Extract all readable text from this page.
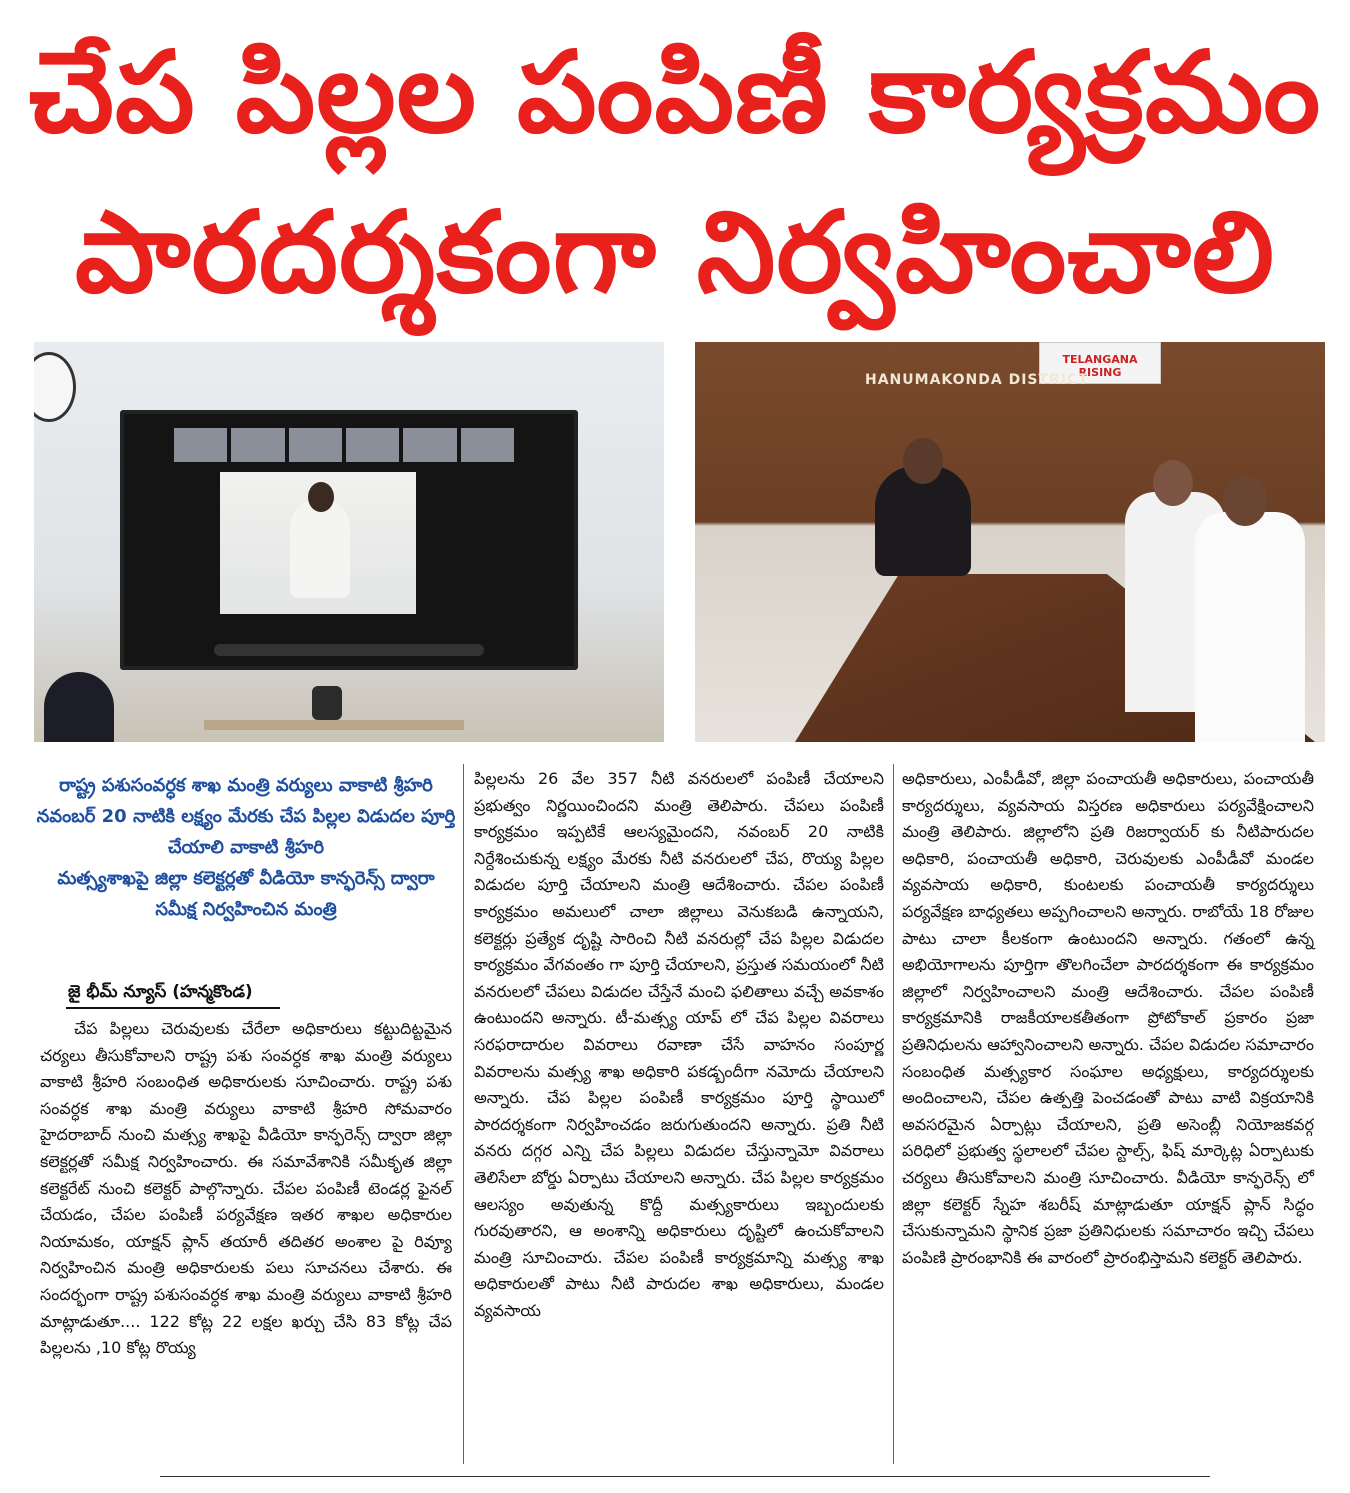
చేప పిల్లల పంపిణీ కార్యక్రమం
పారదర్శకంగా నిర్వహించాలి
TELANGANA RISING
HANUMAKONDA DISTRICT
రాష్ట్ర పశుసంవర్ధక శాఖ మంత్రి వర్యులు వాకాటి శ్రీహరి
నవంబర్ 20 నాటికి లక్ష్యం మేరకు చేప పిల్లల విడుదల పూర్తి చేయాలి వాకాటి శ్రీహరి
మత్స్యశాఖపై జిల్లా కలెక్టర్లతో వీడియో కాన్ఫరెన్స్ ద్వారా సమీక్ష నిర్వహించిన మంత్రి
జై భీమ్ న్యూస్ (హన్మకొండ)

చేప పిల్లలు చెరువులకు చేరేలా అధికారులు కట్టుదిట్టమైన చర్యలు తీసుకోవాలని రాష్ట్ర పశు సంవర్ధక శాఖ మంత్రి వర్యులు వాకాటి శ్రీహరి సంబంధిత అధికారులకు సూచించారు. రాష్ట్ర పశు సంవర్ధక శాఖ మంత్రి వర్యులు వాకాటి శ్రీహరి సోమవారం హైదరాబాద్ నుంచి మత్స్య శాఖపై వీడియో కాన్ఫరెన్స్ ద్వారా జిల్లా కలెక్టర్లతో సమీక్ష నిర్వహించారు. ఈ సమావేశానికి సమీకృత జిల్లా కలెక్టరేట్ నుంచి కలెక్టర్ పాల్గొన్నారు. చేపల పంపిణీ టెండర్ల ఫైనల్ చేయడం, చేపల పంపిణీ పర్యవేక్షణ ఇతర శాఖల అధికారుల నియామకం, యాక్షన్ ప్లాన్ తయారీ తదితర అంశాల పై రివ్యూ నిర్వహించిన మంత్రి అధికారులకు పలు సూచనలు చేశారు. ఈ సందర్భంగా రాష్ట్ర పశుసంవర్ధక శాఖ మంత్రి వర్యులు వాకాటి శ్రీహరి మాట్లాడుతూ.... 122 కోట్ల 22 లక్షల ఖర్చు చేసి 83 కోట్ల చేప పిల్లలను ,10 కోట్ల రొయ్య

పిల్లలను 26 వేల 357 నీటి వనరులలో పంపిణీ చేయాలని ప్రభుత్వం నిర్ణయించిందని మంత్రి తెలిపారు. చేపలు పంపిణీ కార్యక్రమం ఇప్పటికే ఆలస్యమైందని, నవంబర్ 20 నాటికి నిర్దేశించుకున్న లక్ష్యం మేరకు నీటి వనరులలో చేప, రొయ్య పిల్లల విడుదల పూర్తి చేయాలని మంత్రి ఆదేశించారు. చేపల పంపిణీ కార్యక్రమం అమలులో చాలా జిల్లాలు వెనుకబడి ఉన్నాయని, కలెక్టర్లు ప్రత్యేక దృష్టి సారించి నీటి వనరుల్లో చేప పిల్లల విడుదల కార్యక్రమం వేగవంతం గా పూర్తి చేయాలని, ప్రస్తుత సమయంలో నీటి వనరులలో చేపలు విడుదల చేస్తేనే మంచి ఫలితాలు వచ్చే అవకాశం ఉంటుందని అన్నారు. టీ-మత్స్య యాప్ లో చేప పిల్లల వివరాలు సరఫరాదారుల వివరాలు రవాణా చేసే వాహనం సంపూర్ణ వివరాలను మత్స్య శాఖ అధికారి పకడ్బందీగా నమోదు చేయాలని అన్నారు. చేప పిల్లల పంపిణీ కార్యక్రమం పూర్తి స్థాయిలో పారదర్శకంగా నిర్వహించడం జరుగుతుందని అన్నారు. ప్రతి నీటి వనరు దగ్గర ఎన్ని చేప పిల్లలు విడుదల చేస్తున్నామో వివరాలు తెలిసేలా బోర్డు ఏర్పాటు చేయాలని అన్నారు. చేప పిల్లల కార్యక్రమం ఆలస్యం అవుతున్న కొద్దీ మత్స్యకారులు ఇబ్బందులకు గురవుతారని, ఆ అంశాన్ని అధికారులు దృష్టిలో ఉంచుకోవాలని మంత్రి సూచించారు. చేపల పంపిణీ కార్యక్రమాన్ని మత్స్య శాఖ అధికారులతో పాటు నీటి పారుదల శాఖ అధికారులు, మండల వ్యవసాయ

అధికారులు, ఎంపీడీవో, జిల్లా పంచాయతీ అధికారులు, పంచాయతీ కార్యదర్శులు, వ్యవసాయ విస్తరణ అధికారులు పర్యవేక్షించాలని మంత్రి తెలిపారు. జిల్లాలోని ప్రతి రిజర్వాయర్ కు నీటిపారుదల అధికారి, పంచాయతీ అధికారి, చెరువులకు ఎంపీడీవో మండల వ్యవసాయ అధికారి, కుంటలకు పంచాయతీ కార్యదర్శులు పర్యవేక్షణ బాధ్యతలు అప్పగించాలని అన్నారు. రాబోయే 18 రోజుల పాటు చాలా కీలకంగా ఉంటుందని అన్నారు. గతంలో ఉన్న అభియోగాలను పూర్తిగా తొలగించేలా పారదర్శకంగా ఈ కార్యక్రమం జిల్లాలో నిర్వహించాలని మంత్రి ఆదేశించారు. చేపల పంపిణీ కార్యక్రమానికి రాజకీయాలకతీతంగా ప్రోటోకాల్ ప్రకారం ప్రజా ప్రతినిధులను ఆహ్వానించాలని అన్నారు. చేపల విడుదల సమాచారం సంబంధిత మత్స్యకార సంఘాల అధ్యక్షులు, కార్యదర్శులకు అందించాలని, చేపల ఉత్పత్తి పెంచడంతో పాటు వాటి విక్రయానికి అవసరమైన ఏర్పాట్లు చేయాలని, ప్రతి అసెంబ్లీ నియోజకవర్గ పరిధిలో ప్రభుత్వ స్థలాలలో చేపల స్టాల్స్, ఫిష్ మార్కెట్ల ఏర్పాటుకు చర్యలు తీసుకోవాలని మంత్రి సూచించారు. వీడియో కాన్ఫరెన్స్ లో జిల్లా కలెక్టర్ స్నేహ శబరీష్ మాట్లాడుతూ యాక్షన్ ప్లాన్ సిద్ధం చేసుకున్నామని స్థానిక ప్రజా ప్రతినిధులకు సమాచారం ఇచ్చి చేపలు పంపిణి ప్రారంభానికి ఈ వారంలో ప్రారంభిస్తామని కలెక్టర్ తెలిపారు.
